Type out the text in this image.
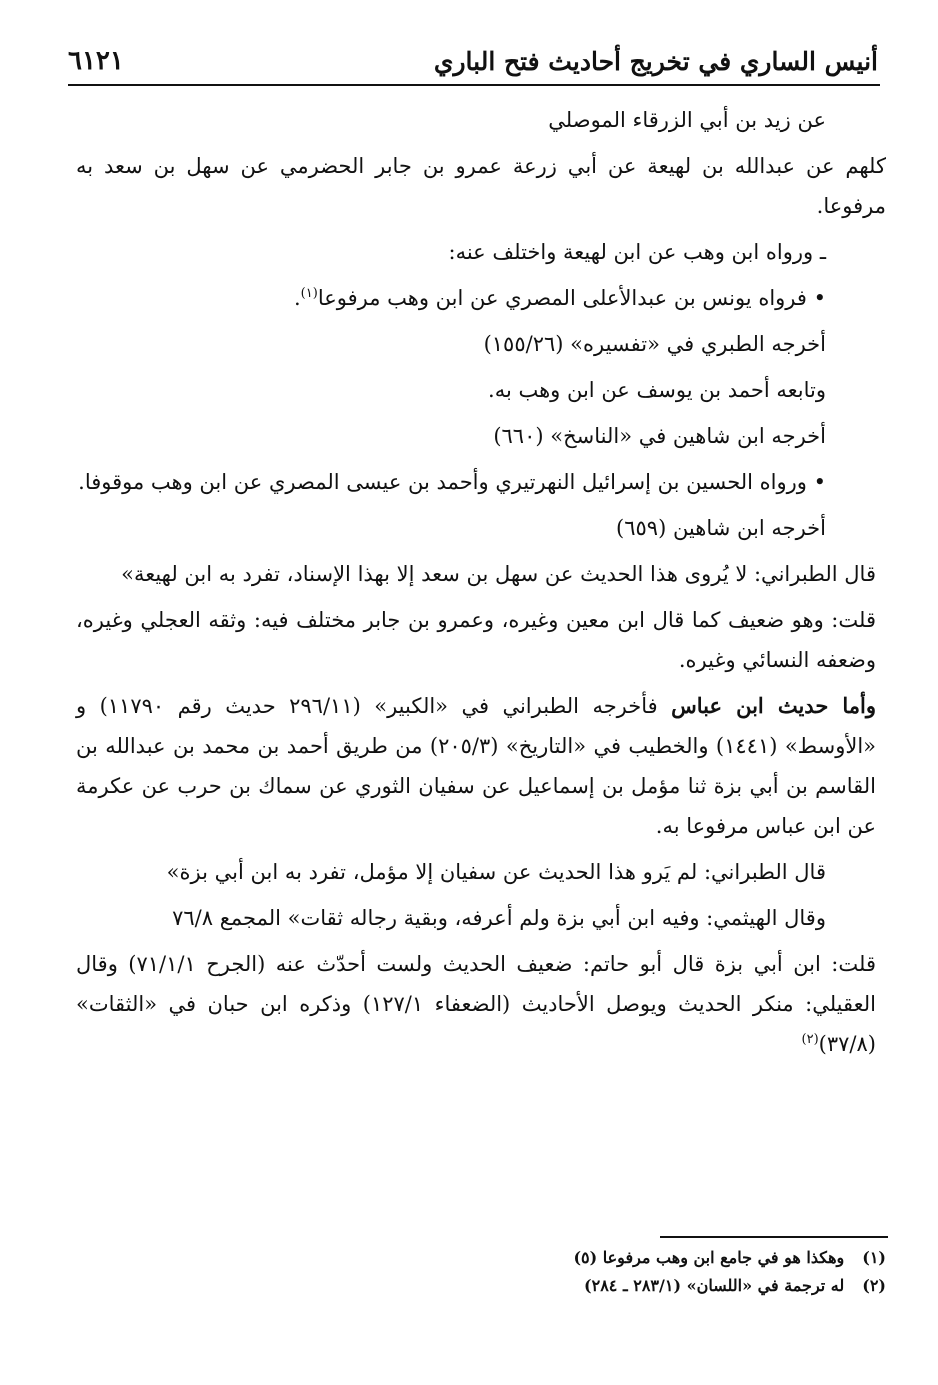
٦١٢١	أنيس الساري في تخريج أحاديث فتح الباري

عن زيد بن أبي الزرقاء الموصلي

كلهم عن عبدالله بن لهيعة عن أبي زرعة عمرو بن جابر الحضرمي عن سهل بن سعد به مرفوعا.

ـ ورواه ابن وهب عن ابن لهيعة واختلف عنه:

• فرواه يونس بن عبدالأعلى المصري عن ابن وهب مرفوعا$^{(١)}$.

أخرجه الطبري في «تفسيره» (١٥٥/٢٦)

وتابعه أحمد بن يوسف عن ابن وهب به.

أخرجه ابن شاهين في «الناسخ» (٦٦٠)

• ورواه الحسين بن إسرائيل النهرتيري وأحمد بن عيسى المصري عن ابن وهب موقوفا.

أخرجه ابن شاهين (٦٥٩)

قال الطبراني: لا يُروى هذا الحديث عن سهل بن سعد إلا بهذا الإسناد، تفرد به ابن لهيعة»

قلت: وهو ضعيف كما قال ابن معين وغيره، وعمرو بن جابر مختلف فيه: وثقه العجلي وغيره، وضعفه النسائي وغيره.

وأما حديث ابن عباس فأخرجه الطبراني في «الكبير» (٢٩٦/١١ حديث رقم ١١٧٩٠) و «الأوسط» (١٤٤١) والخطيب في «التاريخ» (٢٠٥/٣) من طريق أحمد بن محمد بن عبدالله بن القاسم بن أبي بزة ثنا مؤمل بن إسماعيل عن سفيان الثوري عن سماك بن حرب عن عكرمة عن ابن عباس مرفوعا به.

قال الطبراني: لم يَرو هذا الحديث عن سفيان إلا مؤمل، تفرد به ابن أبي بزة»

وقال الهيثمي: وفيه ابن أبي بزة ولم أعرفه، وبقية رجاله ثقات» المجمع ٧٦/٨

قلت: ابن أبي بزة قال أبو حاتم: ضعيف الحديث ولست أحدّث عنه (الجرح ٧١/١/١) وقال العقيلي: منكر الحديث ويوصل الأحاديث (الضعفاء ١٢٧/١) وذكره ابن حبان في «الثقات» (٣٧/٨)$^{(٢)}$

(١)
وهكذا هو في جامع ابن وهب مرفوعا (٥)
(٢)
له ترجمة في «اللسان» (٢٨٣/١ ـ ٢٨٤)
